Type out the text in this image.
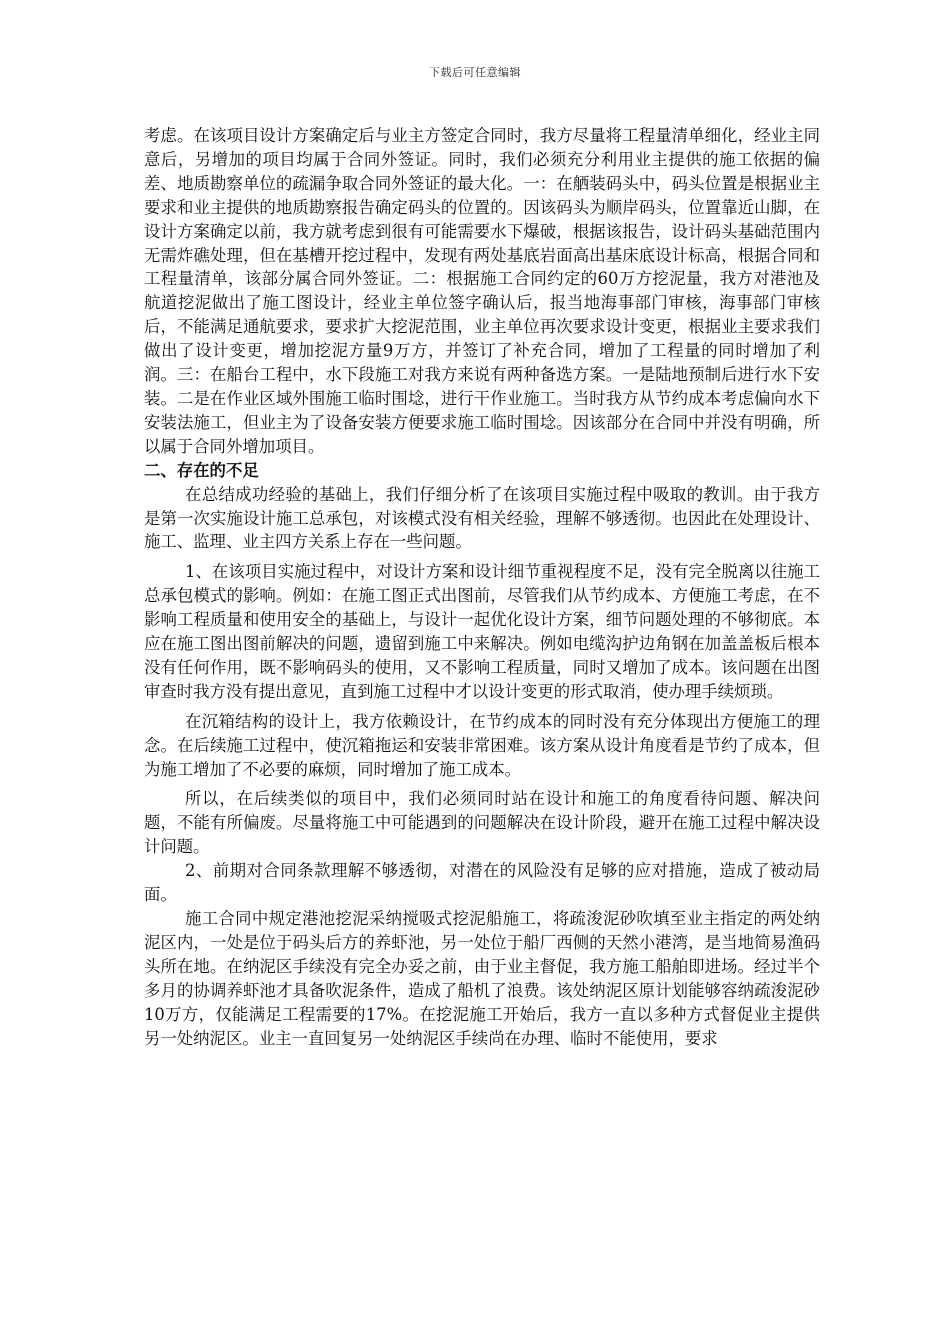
下载后可任意编辑

考虑。在该项目设计方案确定后与业主方签定合同时，我方尽量将工程量清单细化，经业主同意后，另增加的项目均属于合同外签证。同时，我们必须充分利用业主提供的施工依据的偏差、地质勘察单位的疏漏争取合同外签证的最大化。一：在舾装码头中，码头位置是根据业主要求和业主提供的地质勘察报告确定码头的位置的。因该码头为顺岸码头，位置靠近山脚，在设计方案确定以前，我方就考虑到很有可能需要水下爆破，根据该报告，设计码头基础范围内无需炸礁处理，但在基槽开挖过程中，发现有两处基底岩面高出基床底设计标高，根据合同和工程量清单，该部分属合同外签证。二：根据施工合同约定的60万方挖泥量，我方对港池及航道挖泥做出了施工图设计，经业主单位签字确认后，报当地海事部门审核，海事部门审核后，不能满足通航要求，要求扩大挖泥范围，业主单位再次要求设计变更，根据业主要求我们做出了设计变更，增加挖泥方量9万方，并签订了补充合同，增加了工程量的同时增加了利润。三：在船台工程中，水下段施工对我方来说有两种备选方案。一是陆地预制后进行水下安装。二是在作业区域外围施工临时围埝，进行干作业施工。当时我方从节约成本考虑偏向水下安装法施工，但业主为了设备安装方便要求施工临时围埝。因该部分在合同中并没有明确，所以属于合同外增加项目。

二、存在的不足

在总结成功经验的基础上，我们仔细分析了在该项目实施过程中吸取的教训。由于我方是第一次实施设计施工总承包，对该模式没有相关经验，理解不够透彻。也因此在处理设计、施工、监理、业主四方关系上存在一些问题。

1、在该项目实施过程中，对设计方案和设计细节重视程度不足，没有完全脱离以往施工总承包模式的影响。例如：在施工图正式出图前，尽管我们从节约成本、方便施工考虑，在不影响工程质量和使用安全的基础上，与设计一起优化设计方案，细节问题处理的不够彻底。本应在施工图出图前解决的问题，遗留到施工中来解决。例如电缆沟护边角钢在加盖盖板后根本没有任何作用，既不影响码头的使用，又不影响工程质量，同时又增加了成本。该问题在出图审查时我方没有提出意见，直到施工过程中才以设计变更的形式取消，使办理手续烦琐。

在沉箱结构的设计上，我方依赖设计，在节约成本的同时没有充分体现出方便施工的理念。在后续施工过程中，使沉箱拖运和安装非常困难。该方案从设计角度看是节约了成本，但为施工增加了不必要的麻烦，同时增加了施工成本。

所以，在后续类似的项目中，我们必须同时站在设计和施工的角度看待问题、解决问题，不能有所偏废。尽量将施工中可能遇到的问题解决在设计阶段，避开在施工过程中解决设计问题。

2、前期对合同条款理解不够透彻，对潜在的风险没有足够的应对措施，造成了被动局面。

施工合同中规定港池挖泥采纳搅吸式挖泥船施工，将疏浚泥砂吹填至业主指定的两处纳泥区内，一处是位于码头后方的养虾池，另一处位于船厂西侧的天然小港湾，是当地简易渔码头所在地。在纳泥区手续没有完全办妥之前，由于业主督促，我方施工船舶即进场。经过半个多月的协调养虾池才具备吹泥条件，造成了船机了浪费。该处纳泥区原计划能够容纳疏浚泥砂10万方，仅能满足工程需要的17%。在挖泥施工开始后，我方一直以多种方式督促业主提供另一处纳泥区。业主一直回复另一处纳泥区手续尚在办理、临时不能使用，要求
